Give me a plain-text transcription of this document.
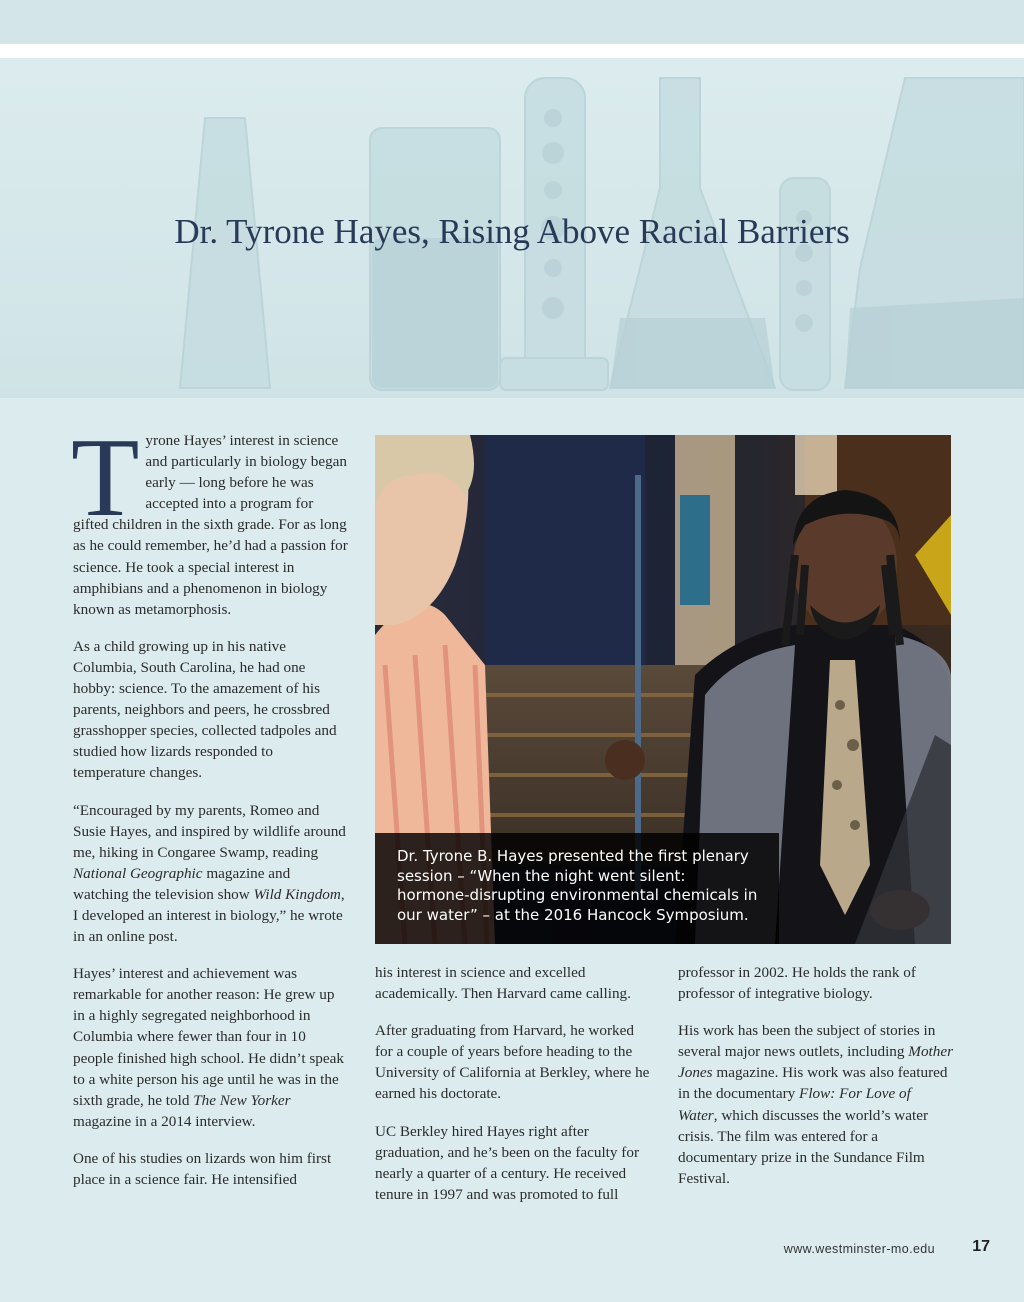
Dr. Tyrone Hayes, Rising Above Racial Barriers

Tyrone Hayes’ interest in science and particularly in biology began early — long before he was accepted into a program for gifted children in the sixth grade. For as long as he could remember, he’d had a passion for science. He took a special interest in amphibians and a phenomenon in biology known as metamorphosis.

As a child growing up in his native Columbia, South Carolina, he had one hobby: science. To the amazement of his parents, neighbors and peers, he crossbred grasshopper species, collected tadpoles and studied how lizards responded to temperature changes.

“Encouraged by my parents, Romeo and Susie Hayes, and inspired by wildlife around me, hiking in Congaree Swamp, reading National Geographic magazine and watching the television show Wild Kingdom, I developed an interest in biology,” he wrote in an online post.

Hayes’ interest and achievement was remarkable for another reason: He grew up in a highly segregated neighborhood in Columbia where fewer than four in 10 people finished high school. He didn’t speak to a white person his age until he was in the sixth grade, he told The New Yorker magazine in a 2014 interview.

One of his studies on lizards won him first place in a science fair. He intensified

Dr. Tyrone B. Hayes presented the first plenary session – “When the night went silent: hormone-disrupting environmental chemicals in our water” – at the 2016 Hancock Symposium.

his interest in science and excelled academically. Then Harvard came calling.

After graduating from Harvard, he worked for a couple of years before heading to the University of California at Berkley, where he earned his doctorate.

UC Berkley hired Hayes right after graduation, and he’s been on the faculty for nearly a quarter of a century. He received tenure in 1997 and was promoted to full

professor in 2002. He holds the rank of professor of integrative biology.

His work has been the subject of stories in several major news outlets, including Mother Jones magazine. His work was also featured in the documentary Flow: For Love of Water, which discusses the world’s water crisis. The film was entered for a documentary prize in the Sundance Film Festival.

www.westminster-mo.edu	17
